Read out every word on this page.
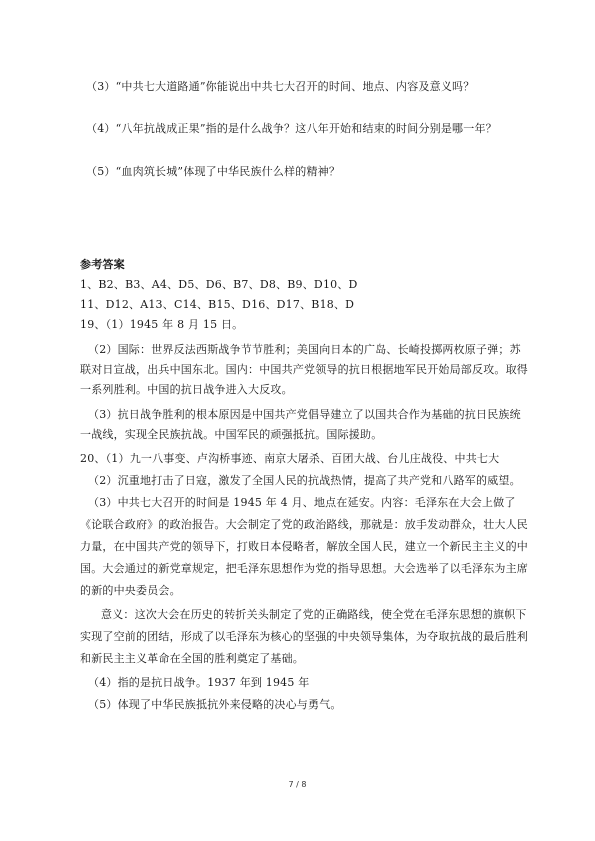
（3）“中共七大道路通”你能说出中共七大召开的时间、地点、内容及意义吗？
（4）“八年抗战成正果”指的是什么战争？这八年开始和结束的时间分别是哪一年？
（5）“血肉筑长城”体现了中华民族什么样的精神？
参考答案
1、B2、B3、A4、D5、D6、B7、D8、B9、D10、D
11、D12、A13、C14、B15、D16、D17、B18、D
19、（1）1945 年 8 月 15 日。
（2）国际：世界反法西斯战争节节胜利；美国向日本的广岛、长崎投掷两枚原子弹；苏
联对日宣战，出兵中国东北。国内：中国共产党领导的抗日根据地军民开始局部反攻。取得
一系列胜利。中国的抗日战争进入大反攻。
（3）抗日战争胜利的根本原因是中国共产党倡导建立了以国共合作为基础的抗日民族统
一战线，实现全民族抗战。中国军民的顽强抵抗。国际援助。
20、（1）九一八事变、卢沟桥事迹、南京大屠杀、百团大战、台儿庄战役、中共七大
（2）沉重地打击了日寇，激发了全国人民的抗战热情，提高了共产党和八路军的威望。
（3）中共七大召开的时间是 1945 年 4 月、地点在延安。内容：毛泽东在大会上做了
《论联合政府》的政治报告。大会制定了党的政治路线，那就是：放手发动群众，壮大人民
力量，在中国共产党的领导下，打败日本侵略者，解放全国人民，建立一个新民主主义的中
国。大会通过的新党章规定，把毛泽东思想作为党的指导思想。大会选举了以毛泽东为主席
的新的中央委员会。
意义：这次大会在历史的转折关头制定了党的正确路线，使全党在毛泽东思想的旗帜下
实现了空前的团结，形成了以毛泽东为核心的坚强的中央领导集体，为夺取抗战的最后胜利
和新民主主义革命在全国的胜利奠定了基础。
（4）指的是抗日战争。1937 年到 1945 年
（5）体现了中华民族抵抗外来侵略的决心与勇气。
7 / 8
